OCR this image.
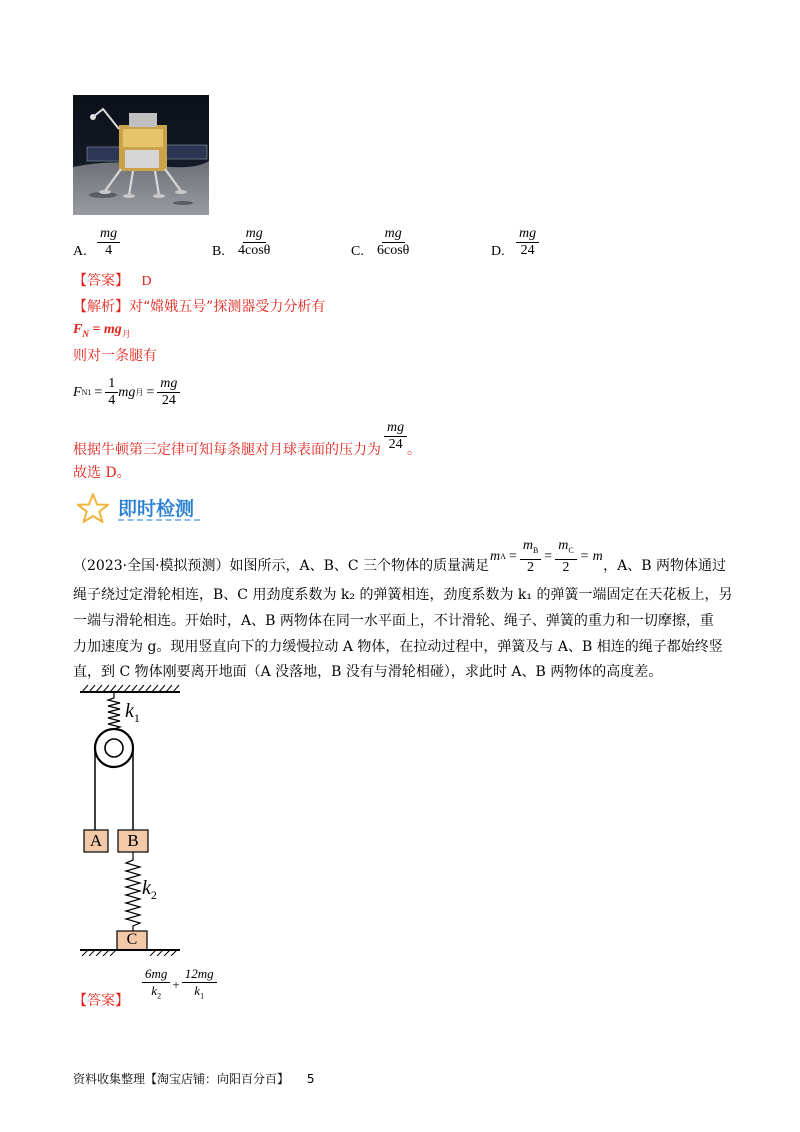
A. $\frac{mg}{4}$	B. $\frac{mg}{4\cos\theta}$	C. $\frac{mg}{6\cos\theta}$	D. $\frac{mg}{24}$
【答案】 D
【解析】对“嫦娥五号”探测器受力分析有
$F_N = mg_月$
则对一条腿有
F $N1 = \frac{1}{4}$ mg 月 = $\frac{mg}{24}$
根据牛顿第三定律可知每条腿对月球表面的压力为 。
$\frac{mg}{24}$
故选 D。
即时检测
（2023·全国·模拟预测）如图所示，A、B、C 三个物体的质量满足	，A、B 两物体通过
m $A = \frac{m_B}{2} = \frac{m_C}{2} = m$
绳子绕过定滑轮相连，B、C 用劲度系数为 k₂ 的弹簧相连，劲度系数为 k₁ 的弹簧一端固定在天花板上，另
一端与滑轮相连。开始时，A、B 两物体在同一水平面上，不计滑轮、绳子、弹簧的重力和一切摩擦，重
力加速度为 g。现用竖直向下的力缓慢拉动 A 物体，在拉动过程中，弹簧及与 A、B 相连的绳子都始终竖
直，到 C 物体刚要离开地面（A 没落地，B 没有与滑轮相碰），求此时 A、B 两物体的高度差。
$k_1$
$k_2$
A	B
C
【答案】 $\frac{6mg}{k_2} + \frac{12mg}{k_1}$
资料收集整理【淘宝店铺：向阳百分百】 5
